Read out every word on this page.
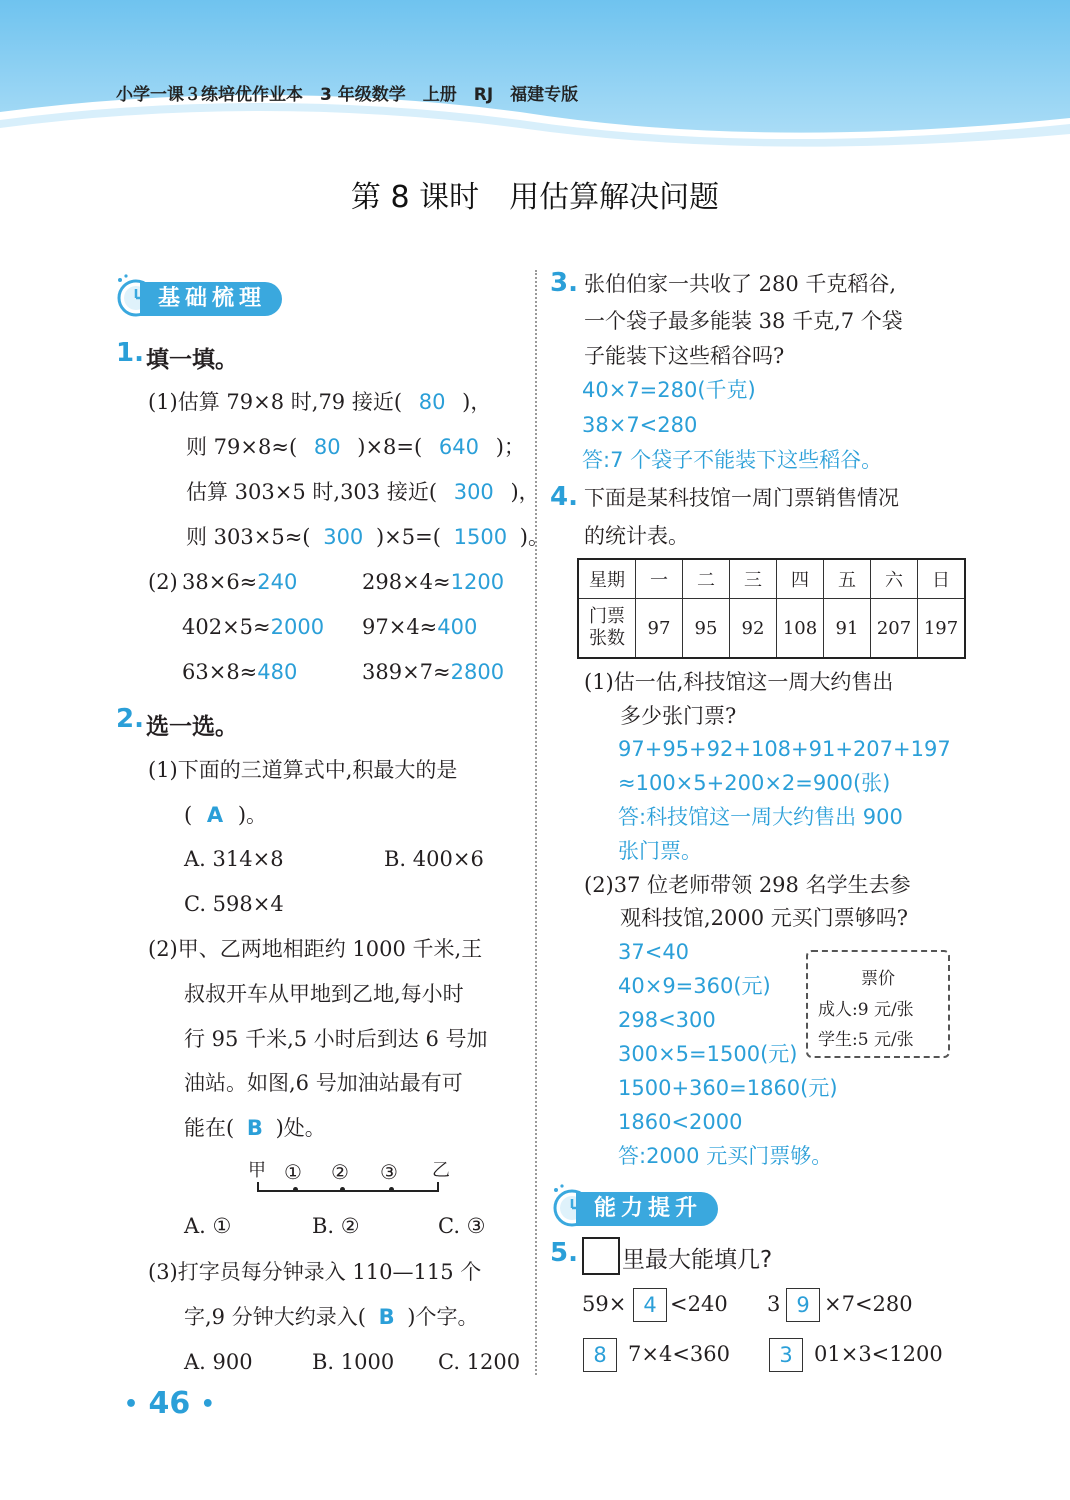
小学一课３练培优作业本　3 年级数学　上册　RJ　福建专版
第 8 课时　用估算解决问题
基础梳理
1. 填一填。
(1)估算 79×8 时,79 接近( 80 )，
则 79×8≈( 80 )×8=( 640 )；
估算 303×5 时,303 接近( 300 )，
则 303×5≈( 300 )×5=( 1500 )。
(2) 38×6≈240	298×4≈1200
402×5≈2000 97×4≈400
63×8≈480	389×7≈2800
2. 选一选。
(1)下面的三道算式中,积最大的是
( A )。
A. 314×8	B. 400×6
C. 598×4
(2)甲、乙两地相距约 1000 千米,王
叔叔开车从甲地到乙地,每小时
行 95 千米,5 小时后到达 6 号加
油站。如图,6 号加油站最有可
能在( B )处。
甲 ① ② ③ 乙
A. ①	B. ②	C. ③
(3)打字员每分钟录入 110—115 个
字,9 分钟大约录入( B )个字。
A. 900	B. 1000 C. 1200
3. 张伯伯家一共收了 280 千克稻谷,
一个袋子最多能装 38 千克,7 个袋
子能装下这些稻谷吗?
40×7=280(千克)
38×7<280
答:7 个袋子不能装下这些稻谷。
4. 下面是某科技馆一周门票销售情况
的统计表。
星期	一	二	三	四	五	六	日
门票
张数	97	95	92	108	91	207	197
(1)估一估,科技馆这一周大约售出
多少张门票?
97+95+92+108+91+207+197
≈100×5+200×2=900(张)
答:科技馆这一周大约售出 900
张门票。
(2)37 位老师带领 298 名学生去参
观科技馆,2000 元买门票够吗?
37<40
40×9=360(元)
298<300
300×5=1500(元)
1500+360=1860(元)
1860<2000
答:2000 元买门票够。
票价
成人:9 元/张
学生:5 元/张
能力提升
5. 里最大能填几?
59× 4 <240 3 9 ×7<280
8	7×4<360	3	01×3<1200
• 46 •
